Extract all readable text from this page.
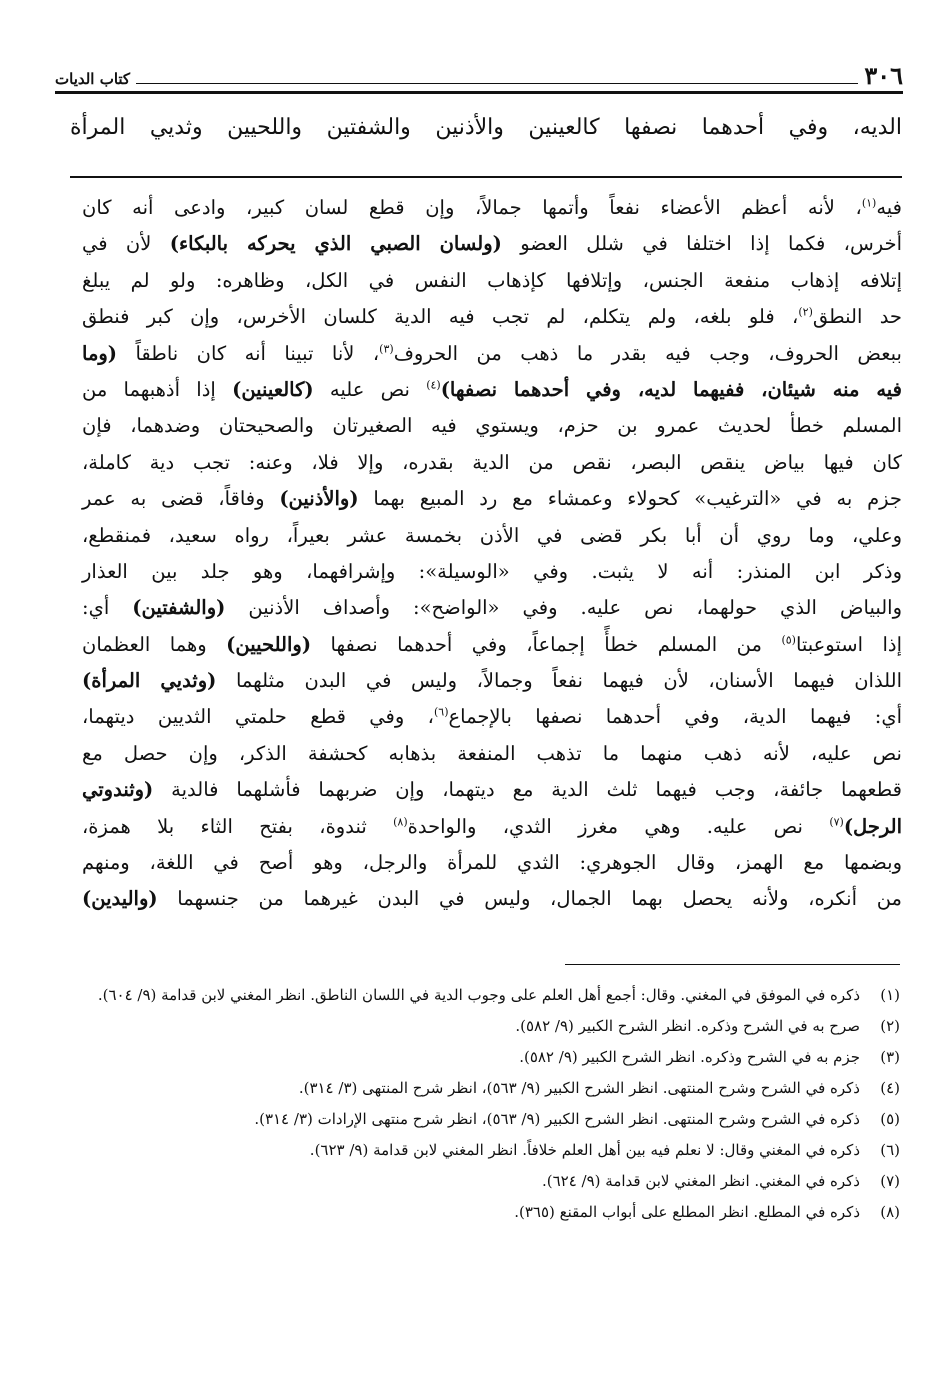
٣٠٦
كتاب الديات
الديه، وفي أحدهما نصفها كالعينين والأذنين والشفتين واللحيين وثديي المرأة
فيه$^{(١)}$، لأنه أعظم الأعضاء نفعاً وأتمها جمالاً، وإن قطع لسان كبير، وادعى أنه كان
أخرس، فكما إذا اختلفا في شلل العضو (ولسان الصبي الذي يحركه بالبكاء) لأن في
إتلافه إذهاب منفعة الجنس، وإتلافها كإذهاب النفس في الكل، وظاهره: ولو لم يبلغ
حد النطق$^{(٢)}$، فلو بلغه، ولم يتكلم، لم تجب فيه الدية كلسان الأخرس، وإن كبر فنطق
ببعض الحروف، وجب فيه بقدر ما ذهب من الحروف$^{(٣)}$، لأنا تبينا أنه كان ناطقاً (وما
فيه منه شيئان، ففيهما لديه، وفي أحدهما نصفها)$^{(٤)}$ نص عليه (كالعينين) إذا أذهبهما من
المسلم خطأ لحديث عمرو بن حزم، ويستوي فيه الصغيرتان والصحيحتان وضدهما، فإن
كان فيها بياض ينقص البصر، نقص من الدية بقدره، وإلا فلا، وعنه: تجب دية كاملة،
جزم به في «الترغيب» كحولاء وعمشاء مع رد المبيع بهما (والأذنين) وفاقاً، قضى به عمر
وعلي، وما روي أن أبا بكر قضى في الأذن بخمسة عشر بعيراً، رواه سعيد، فمنقطع،
وذكر ابن المنذر: أنه لا يثبت. وفي «الوسيلة»: وإشرافهما، وهو جلد بين العذار
والبياض الذي حولهما، نص عليه. وفي «الواضح»: وأصداف الأذنين (والشفتين) أي:
إذا استوعبتا$^{(٥)}$ من المسلم خطأً إجماعاً، وفي أحدهما نصفها (واللحيين) وهما العظمان
اللذان فيهما الأسنان، لأن فيهما نفعاً وجمالاً، وليس في البدن مثلهما (وثديي المرأة)
أي: فيهما الدية، وفي أحدهما نصفها بالإجماع$^{(٦)}$، وفي قطع حلمتي الثديين ديتهما،
نص عليه، لأنه ذهب منهما ما تذهب المنفعة بذهابه كحشفة الذكر، وإن حصل مع
قطعهما جائفة، وجب فيهما ثلث الدية مع ديتهما، وإن ضربهما فأشلهما فالدية (وثندوتي
الرجل)$^{(٧)}$ نص عليه. وهي مغرز الثدي، والواحدة$^{(٨)}$ ثندوة، بفتح الثاء بلا همزة،
وبضمها مع الهمز، وقال الجوهري: الثدي للمرأة والرجل، وهو أصح في اللغة، ومنهم
من أنكره، ولأنه يحصل بهما الجمال، وليس في البدن غيرهما من جنسهما (واليدين)
(١)
ذكره في الموفق في المغني. وقال: أجمع أهل العلم على وجوب الدية في اللسان الناطق. انظر المغني لابن قدامة (٩/ ٦٠٤).
(٢)
صرح به في الشرح وذكره. انظر الشرح الكبير (٩/ ٥٨٢).
(٣)
جزم به في الشرح وذكره. انظر الشرح الكبير (٩/ ٥٨٢).
(٤)
ذكره في الشرح وشرح المنتهى. انظر الشرح الكبير (٩/ ٥٦٣)، انظر شرح المنتهى (٣/ ٣١٤).
(٥)
ذكره في الشرح وشرح المنتهى. انظر الشرح الكبير (٩/ ٥٦٣)، انظر شرح منتهى الإرادات (٣/ ٣١٤).
(٦)
ذكره في المغني وقال: لا نعلم فيه بين أهل العلم خلافاً. انظر المغني لابن قدامة (٩/ ٦٢٣).
(٧)
ذكره في المغني. انظر المغني لابن قدامة (٩/ ٦٢٤).
(٨)
ذكره في المطلع. انظر المطلع على أبواب المقنع (٣٦٥).
